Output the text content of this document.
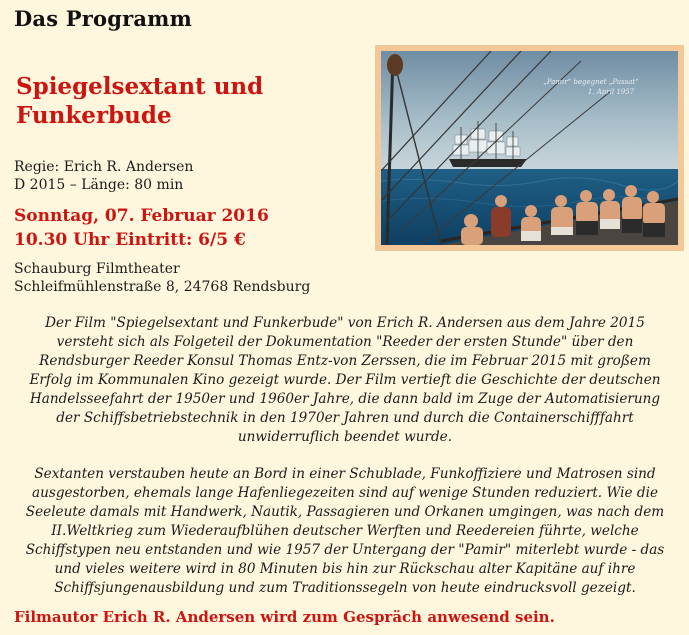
Das Programm
Spiegelsextant und
Funkerbude
Regie: Erich R. Andersen
D 2015 – Länge: 80 min
Sonntag, 07. Februar 2016
10.30 Uhr Eintritt: 6/5 €
Schauburg Filmtheater
Schleifmühlenstraße 8, 24768 Rendsburg
„Pamir“ begegnet „Passat“
1. April 1957

Der Film "Spiegelsextant und Funkerbude" von Erich R. Andersen aus dem Jahre 2015 versteht sich als Folgeteil der Dokumentation "Reeder der ersten Stunde" über den Rendsburger Reeder Konsul Thomas Entz-von Zerssen, die im Februar 2015 mit großem Erfolg im Kommunalen Kino gezeigt wurde. Der Film vertieft die Geschichte der deutschen Handelsseefahrt der 1950er und 1960er Jahre, die dann bald im Zuge der Automatisierung der Schiffsbetriebstechnik in den 1970er Jahren und durch die Containerschifffahrt unwiderruflich beendet wurde.

Sextanten verstauben heute an Bord in einer Schublade, Funkoffiziere und Matrosen sind ausgestorben, ehemals lange Hafenliegezeiten sind auf wenige Stunden reduziert. Wie die Seeleute damals mit Handwerk, Nautik, Passagieren und Orkanen umgingen, was nach dem II.Weltkrieg zum Wiederaufblühen deutscher Werften und Reedereien führte, welche Schiffstypen neu entstanden und wie 1957 der Untergang der "Pamir" miterlebt wurde - das und vieles weitere wird in 80 Minuten bis hin zur Rückschau alter Kapitäne auf ihre Schiffsjungenausbildung und zum Traditionssegeln von heute eindrucksvoll gezeigt.

Filmautor Erich R. Andersen wird zum Gespräch anwesend sein.
